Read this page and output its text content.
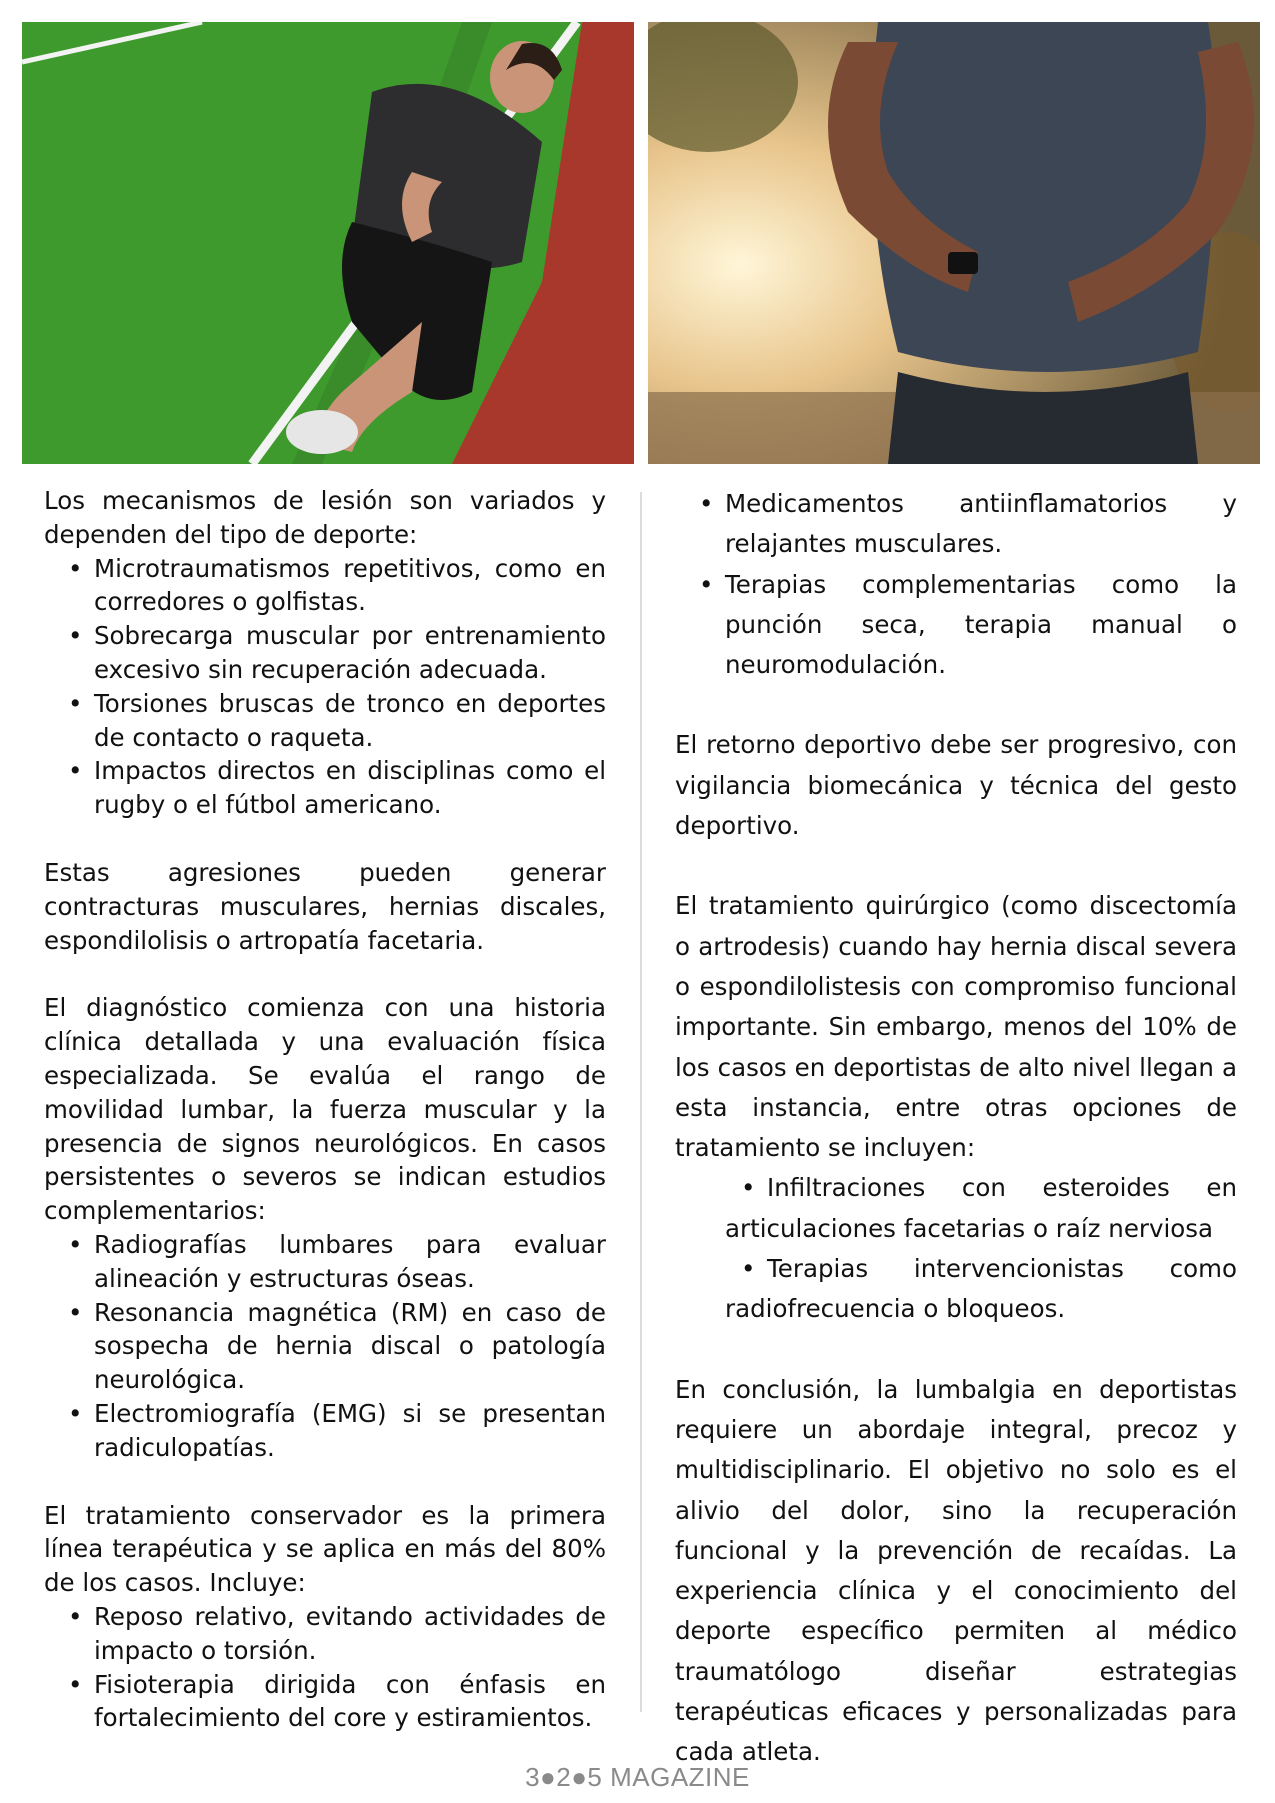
Los mecanismos de lesión son variados y dependen del tipo de deporte:

• Microtraumatismos repetitivos, como en corredores o golfistas.
• Sobrecarga muscular por entrenamiento excesivo sin recuperación adecuada.
• Torsiones bruscas de tronco en deportes de contacto o raqueta.
• Impactos directos en disciplinas como el rugby o el fútbol americano.

Estas agresiones pueden generar contracturas musculares, hernias discales, espondilolisis o artropatía facetaria.

El diagnóstico comienza con una historia clínica detallada y una evaluación física especializada. Se evalúa el rango de movilidad lumbar, la fuerza muscular y la presencia de signos neurológicos. En casos persistentes o severos se indican estudios complementarios:

• Radiografías lumbares para evaluar alineación y estructuras óseas.
• Resonancia magnética (RM) en caso de sospecha de hernia discal o patología neurológica.
• Electromiografía (EMG) si se presentan radiculopatías.

El tratamiento conservador es la primera línea terapéutica y se aplica en más del 80% de los casos. Incluye:

• Reposo relativo, evitando actividades de impacto o torsión.
• Fisioterapia dirigida con énfasis en fortalecimiento del core y estiramientos.
• Medicamentos antiinflamatorios y relajantes musculares.
• Terapias complementarias como la punción seca, terapia manual o neuromodulación.

El retorno deportivo debe ser progresivo, con vigilancia biomecánica y técnica del gesto deportivo.

El tratamiento quirúrgico (como discectomía o artrodesis) cuando hay hernia discal severa o espondilolistesis con compromiso funcional importante. Sin embargo, menos del 10% de los casos en deportistas de alto nivel llegan a esta instancia, entre otras opciones de tratamiento se incluyen:

• Infiltraciones con esteroides en articulaciones facetarias o raíz nerviosa
• Terapias intervencionistas como radiofrecuencia o bloqueos.

En conclusión, la lumbalgia en deportistas requiere un abordaje integral, precoz y multidisciplinario. El objetivo no solo es el alivio del dolor, sino la recuperación funcional y la prevención de recaídas. La experiencia clínica y el conocimiento del deporte específico permiten al médico traumatólogo diseñar estrategias terapéuticas eficaces y personalizadas para cada atleta.

3●2●5 MAGAZINE
